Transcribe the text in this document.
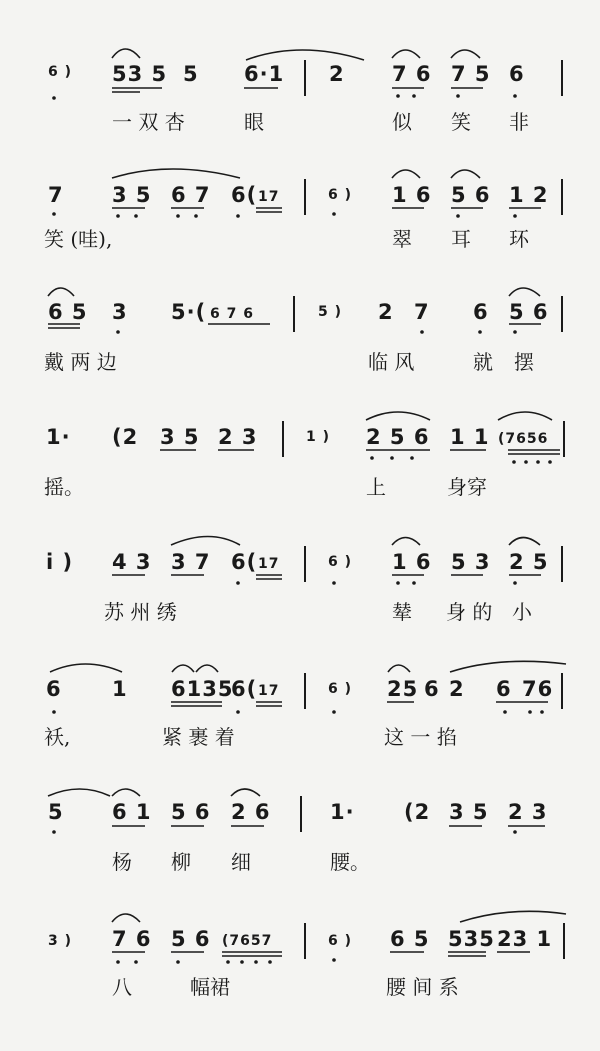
6 ) 53 5 5 6·1 2 7 6 7 5 6
一 双 杏	眼	似 笑 非
7 3 5 6 7 6( 17	6 ) 1 6 5 6 1 2
笑 (哇),	翠 耳 环
6 5 3 5·( 6 7 6	5 ) 2 7 6 5 6
戴 两 边	临 风	就 摆
1· (2 3 5 2 3	1 ) 2 5 6 1 1 (7656
摇。	上	身穿
i ) 4 3 3 7 6( 17	6 ) 1 6 5 3 2 5
苏 州 绣	辇 身 的 小
6 1 6135
6( 17	6 ) 25 6 2 6 76
袄,	紧 裹 着	这 一 掐
5 6 1 5 6 2 6	1· (2 3 5 2 3
杨 柳 细	腰。
3 ) 7 6 5 6 (7657	6 ) 6 5 535 23 1
八	幅裙	腰 间 系
